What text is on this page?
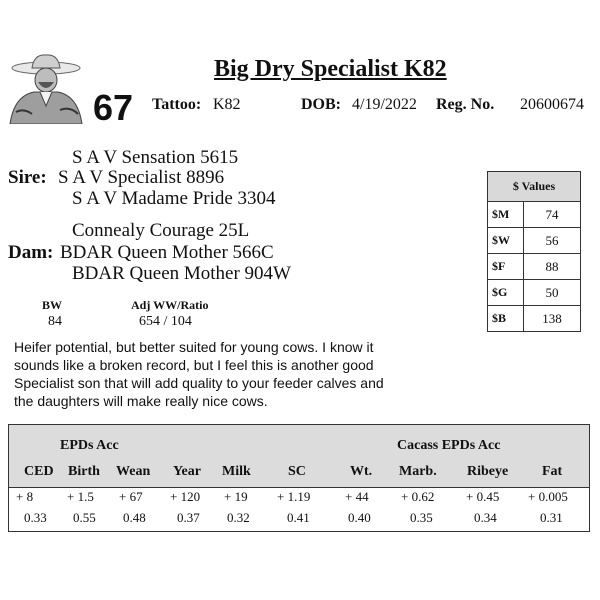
Big Dry Specialist K82
67 Tattoo: K82	DOB: 4/19/2022 Reg. No. 20600674
S A V Sensation 5615
Sire: S A V Specialist 8896
S A V Madame Pride 3304
Connealy Courage 25L
Dam: BDAR Queen Mother 566C
BDAR Queen Mother 904W
BW
84
Adj WW/Ratio
654 / 104
Heifer potential, but better suited for young cows. I know it sounds like a broken record, but I feel this is another good Specialist son that will add quality to your feeder calves and the daughters will make really nice cows.
$ Values	
$M	74
$W	56
$F	88
$G	50
$B	138
EPDs Acc	Cacass EPDs Acc
CED Birth Wean Year Milk	SC	Wt. Marb. Ribeye Fat
+ 8	+ 1.5 + 67 + 120 + 19 + 1.19	+ 44 + 0.62 + 0.45 + 0.005
0.33 0.55 0.48 0.37 0.32	0.41	0.40	0.35	0.34	0.31
